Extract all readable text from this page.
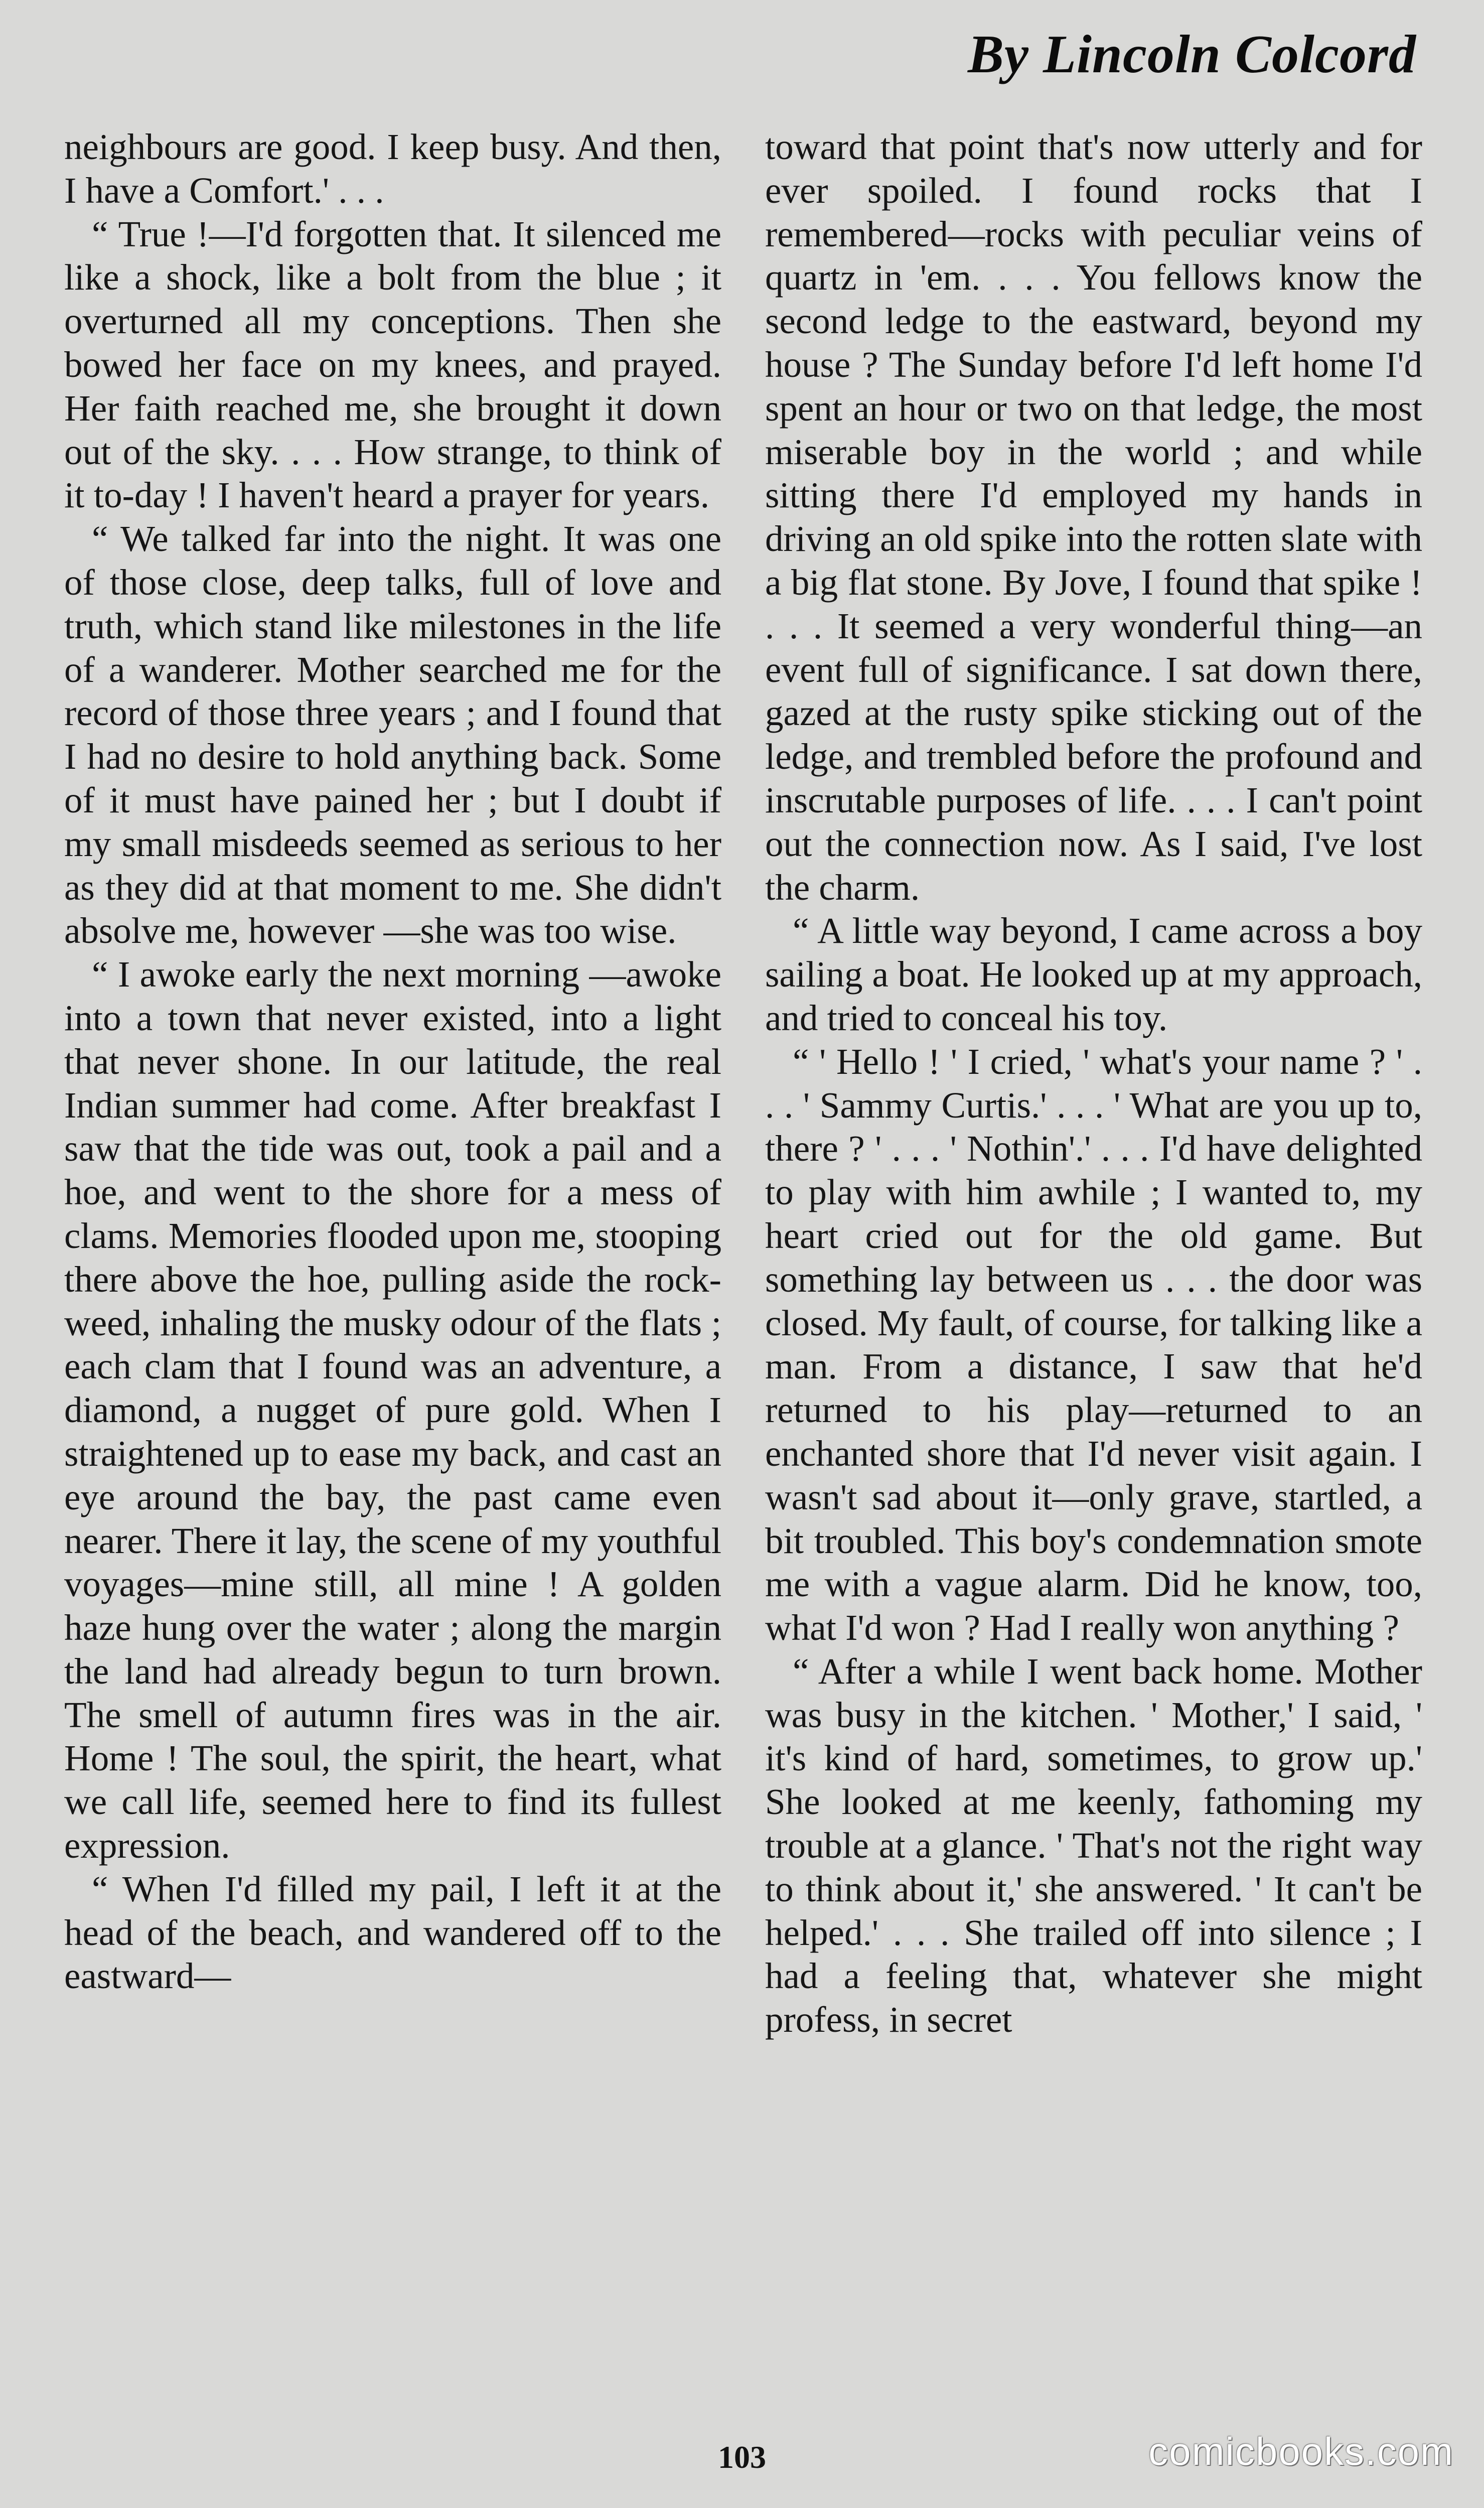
By Lincoln Colcord

neighbours are good. I keep busy. And then, I have a Comfort.' . . .

“ True !—I'd forgotten that. It silenced me like a shock, like a bolt from the blue ; it overturned all my conceptions. Then she bowed her face on my knees, and prayed. Her faith reached me, she brought it down out of the sky. . . . How strange, to think of it to-day ! I haven't heard a prayer for years.

“ We talked far into the night. It was one of those close, deep talks, full of love and truth, which stand like milestones in the life of a wanderer. Mother searched me for the record of those three years ; and I found that I had no desire to hold anything back. Some of it must have pained her ; but I doubt if my small misdeeds seemed as serious to her as they did at that moment to me. She didn't absolve me, however —she was too wise.

“ I awoke early the next morning —awoke into a town that never existed, into a light that never shone. In our latitude, the real Indian summer had come. After breakfast I saw that the tide was out, took a pail and a hoe, and went to the shore for a mess of clams. Memories flooded upon me, stooping there above the hoe, pulling aside the rock-weed, inhaling the musky odour of the flats ; each clam that I found was an adventure, a diamond, a nugget of pure gold. When I straightened up to ease my back, and cast an eye around the bay, the past came even nearer. There it lay, the scene of my youthful voyages—mine still, all mine ! A golden haze hung over the water ; along the margin the land had already begun to turn brown. The smell of autumn fires was in the air. Home ! The soul, the spirit, the heart, what we call life, seemed here to find its fullest expression.

“ When I'd filled my pail, I left it at the head of the beach, and wandered off to the eastward—

toward that point that's now utterly and for ever spoiled. I found rocks that I remembered—rocks with peculiar veins of quartz in 'em. . . . You fellows know the second ledge to the eastward, beyond my house ? The Sunday before I'd left home I'd spent an hour or two on that ledge, the most miserable boy in the world ; and while sitting there I'd employed my hands in driving an old spike into the rotten slate with a big flat stone. By Jove, I found that spike ! . . . It seemed a very wonderful thing—an event full of significance. I sat down there, gazed at the rusty spike sticking out of the ledge, and trembled before the profound and inscrutable purposes of life. . . . I can't point out the connection now. As I said, I've lost the charm.

“ A little way beyond, I came across a boy sailing a boat. He looked up at my approach, and tried to conceal his toy.

“ ' Hello ! ' I cried, ' what's your name ? ' . . . ' Sammy Curtis.' . . . ' What are you up to, there ? ' . . . ' Nothin'.' . . . I'd have delighted to play with him awhile ; I wanted to, my heart cried out for the old game. But something lay between us . . . the door was closed. My fault, of course, for talking like a man. From a distance, I saw that he'd returned to his play—returned to an enchanted shore that I'd never visit again. I wasn't sad about it—only grave, startled, a bit troubled. This boy's condemnation smote me with a vague alarm. Did he know, too, what I'd won ? Had I really won anything ?

“ After a while I went back home. Mother was busy in the kitchen. ' Mother,' I said, ' it's kind of hard, sometimes, to grow up.' She looked at me keenly, fathoming my trouble at a glance. ' That's not the right way to think about it,' she answered. ' It can't be helped.' . . . She trailed off into silence ; I had a feeling that, whatever she might profess, in secret

103	comicbooks.com
